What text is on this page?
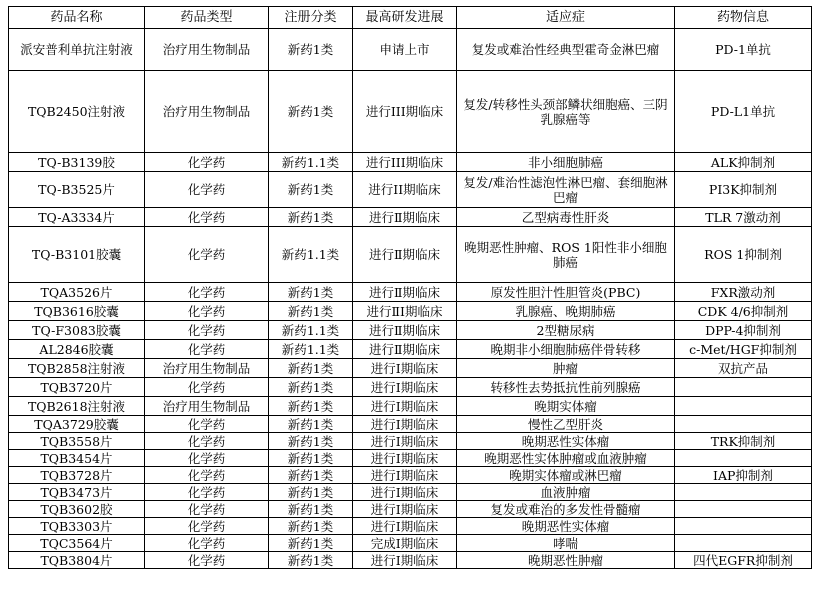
药品名称	药品类型	注册分类	最高研发进展	适应症	药物信息
派安普利单抗注射液	治疗用生物制品	新药1类	申请上市	复发或难治性经典型霍奇金淋巴瘤	PD-1单抗
TQB2450注射液	治疗用生物制品	新药1类	进行III期临床	复发/转移性头颈部鳞状细胞癌、三阴乳腺癌等	PD-L1单抗
TQ-B3139胶	化学药	新药1.1类	进行III期临床	非小细胞肺癌	ALK抑制剂
TQ-B3525片	化学药	新药1类	进行II期临床	复发/难治性滤泡性淋巴瘤、套细胞淋巴瘤	PI3K抑制剂
TQ-A3334片	化学药	新药1类	进行Ⅱ期临床	乙型病毒性肝炎	TLR 7激动剂
TQ-B3101胶囊	化学药	新药1.1类	进行Ⅱ期临床	晚期恶性肿瘤、ROS 1阳性非小细胞肺癌	ROS 1抑制剂
TQA3526片	化学药	新药1类	进行Ⅱ期临床	原发性胆汁性胆管炎(PBC)	FXR激动剂
TQB3616胶囊	化学药	新药1类	进行ⅡI期临床	乳腺癌、晚期肺癌	CDK 4/6抑制剂
TQ-F3083胶囊	化学药	新药1.1类	进行Ⅱ期临床	2型糖尿病	DPP-4抑制剂
AL2846胶囊	化学药	新药1.1类	进行Ⅱ期临床	晚期非小细胞肺癌伴骨转移	c-Met/HGF抑制剂
TQB2858注射液	治疗用生物制品	新药1类	进行I期临床	肿瘤	双抗产品
TQB3720片	化学药	新药1类	进行I期临床	转移性去势抵抗性前列腺癌	
TQB2618注射液	治疗用生物制品	新药1类	进行I期临床	晚期实体瘤	
TQA3729胶囊	化学药	新药1类	进行I期临床	慢性乙型肝炎	
TQB3558片	化学药	新药1类	进行I期临床	晚期恶性实体瘤	TRK抑制剂
TQB3454片	化学药	新药1类	进行I期临床	晚期恶性实体肿瘤或血液肿瘤	
TQB3728片	化学药	新药1类	进行I期临床	晚期实体瘤或淋巴瘤	IAP抑制剂
TQB3473片	化学药	新药1类	进行I期临床	血液肿瘤	
TQB3602胶	化学药	新药1类	进行I期临床	复发或难治的多发性骨髓瘤	
TQB3303片	化学药	新药1类	进行I期临床	晚期恶性实体瘤	
TQC3564片	化学药	新药1类	完成I期临床	哮喘	
TQB3804片	化学药	新药1类	进行I期临床	晚期恶性肿瘤	四代EGFR抑制剂
